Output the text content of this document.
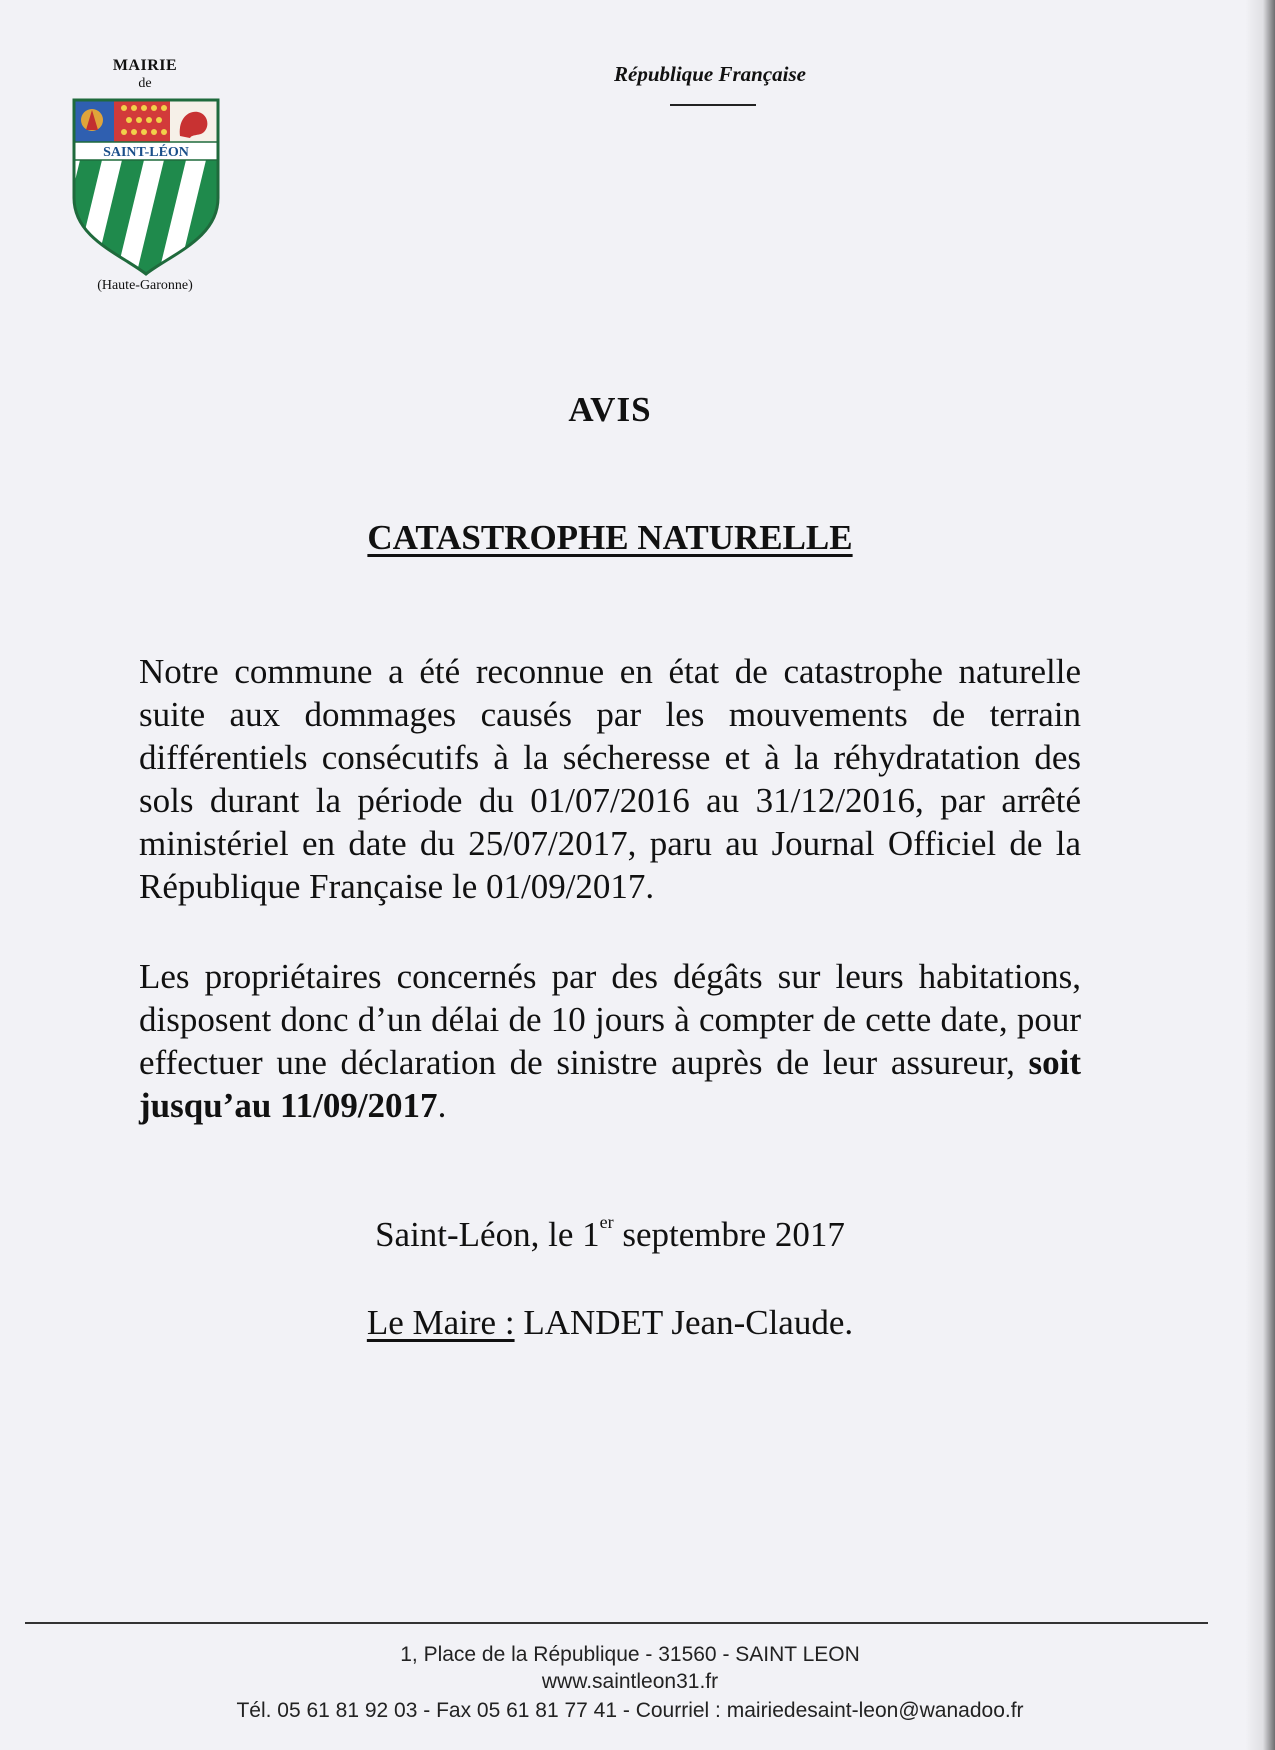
MAIRIE
de
SAINT-LÉON
(Haute-Garonne)
République Française
AVIS
CATASTROPHE NATURELLE
Notre commune a été reconnue en état de catastrophe naturelle suite aux dommages causés par les mouvements de terrain différentiels consécutifs à la sécheresse et à la réhydratation des sols durant la période du 01/07/2016 au 31/12/2016, par arrêté ministériel en date du 25/07/2017, paru au Journal Officiel de la République Française le 01/09/2017.
Les propriétaires concernés par des dégâts sur leurs habitations, disposent donc d’un délai de 10 jours à compter de cette date, pour effectuer une déclaration de sinistre auprès de leur assureur, soit jusqu’au 11/09/2017.
Saint-Léon, le 1er septembre 2017
Le Maire : LANDET Jean-Claude.
1, Place de la République - 31560 - SAINT LEON
www.saintleon31.fr
Tél. 05 61 81 92 03 - Fax 05 61 81 77 41 - Courriel : mairiedesaint-leon@wanadoo.fr
